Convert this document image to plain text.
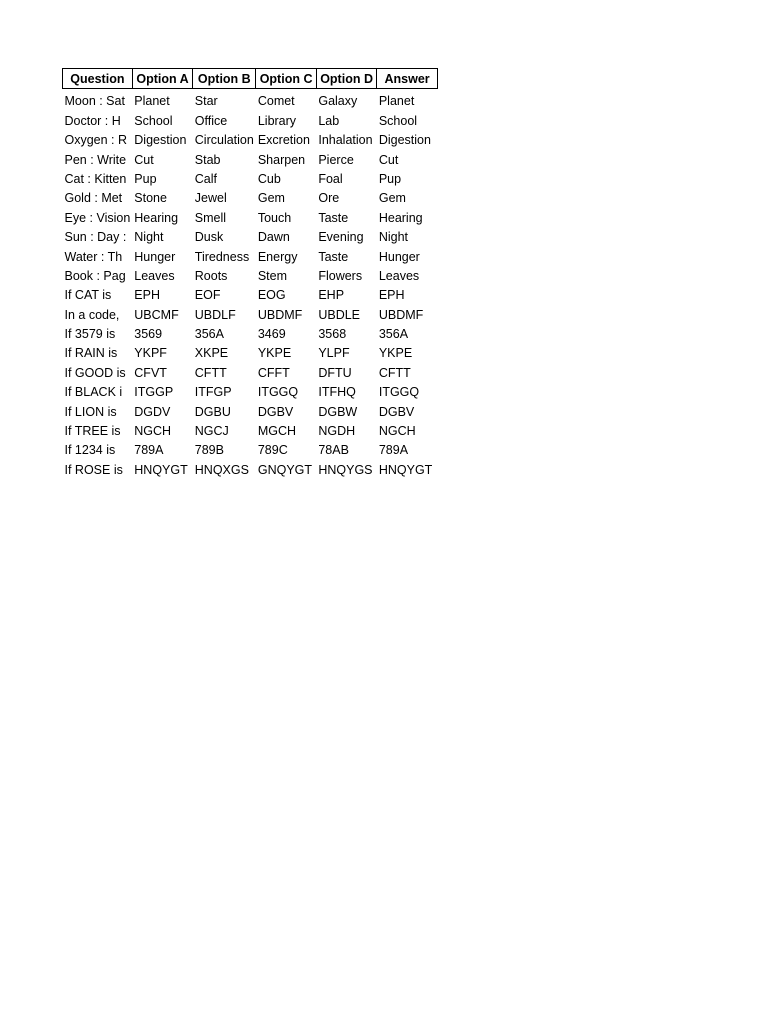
Question	Option A	Option B	Option C	Option D	Answer
Moon : Sat	Planet	Star	Comet	Galaxy	Planet
Doctor : H	School	Office	Library	Lab	School
Oxygen : R	Digestion	Circulation	Excretion	Inhalation	Digestion
Pen : Write	Cut	Stab	Sharpen	Pierce	Cut
Cat : Kitten	Pup	Calf	Cub	Foal	Pup
Gold : Met	Stone	Jewel	Gem	Ore	Gem
Eye : Vision	Hearing	Smell	Touch	Taste	Hearing
Sun : Day :	Night	Dusk	Dawn	Evening	Night
Water : Th	Hunger	Tiredness	Energy	Taste	Hunger
Book : Pag	Leaves	Roots	Stem	Flowers	Leaves
If CAT is	EPH	EOF	EOG	EHP	EPH
In a code,	UBCMF	UBDLF	UBDMF	UBDLE	UBDMF
If 3579 is	3569	356A	3469	3568	356A
If RAIN is	YKPF	XKPE	YKPE	YLPF	YKPE
If GOOD is	CFVT	CFTT	CFFT	DFTU	CFTT
If BLACK i	ITGGP	ITFGP	ITGGQ	ITFHQ	ITGGQ
If LION is	DGDV	DGBU	DGBV	DGBW	DGBV
If TREE is	NGCH	NGCJ	MGCH	NGDH	NGCH
If 1234 is	789A	789B	789C	78AB	789A
If ROSE is	HNQYGT	HNQXGS	GNQYGT	HNQYGS	HNQYGT
